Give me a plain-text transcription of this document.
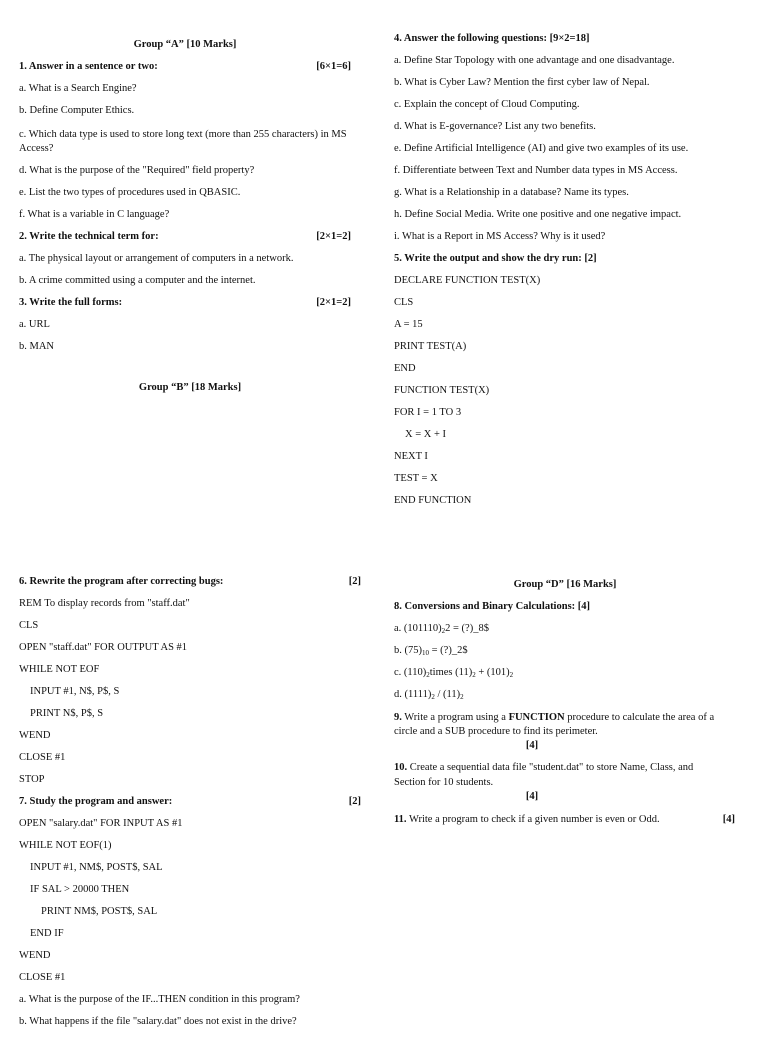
Group “A” [10 Marks]
1. Answer in a sentence or two:	[6×1=6]
a. What is a Search Engine?
b. Define Computer Ethics.
c. Which data type is used to store long text (more than 255 characters) in MS Access?
d. What is the purpose of the "Required" field property?
e. List the two types of procedures used in QBASIC.
f. What is a variable in C language?
2. Write the technical term for:	[2×1=2]
a. The physical layout or arrangement of computers in a network.
b. A crime committed using a computer and the internet.
3. Write the full forms:	[2×1=2]
a. URL
b. MAN
Group “B” [18 Marks]
4. Answer the following questions: [9×2=18]
a. Define Star Topology with one advantage and one disadvantage.
b. What is Cyber Law? Mention the first cyber law of Nepal.
c. Explain the concept of Cloud Computing.
d. What is E-governance? List any two benefits.
e. Define Artificial Intelligence (AI) and give two examples of its use.
f. Differentiate between Text and Number data types in MS Access.
g. What is a Relationship in a database? Name its types.
h. Define Social Media. Write one positive and one negative impact.
i. What is a Report in MS Access? Why is it used?
5. Write the output and show the dry run: [2]
DECLARE FUNCTION TEST(X)
CLS
A = 15
PRINT TEST(A)
END
FUNCTION TEST(X)
FOR I = 1 TO 3
X = X + I
NEXT I
TEST = X
END FUNCTION
6. Rewrite the program after correcting bugs:	[2]
REM To display records from "staff.dat"
CLS
OPEN "staff.dat" FOR OUTPUT AS #1
WHILE NOT EOF
INPUT #1, N$, P$, S
PRINT N$, P$, S
WEND
CLOSE #1
STOP
7. Study the program and answer:	[2]
OPEN "salary.dat" FOR INPUT AS #1
WHILE NOT EOF(1)
INPUT #1, NM$, POST$, SAL
IF SAL > 20000 THEN
PRINT NM$, POST$, SAL
END IF
WEND
CLOSE #1
a. What is the purpose of the IF...THEN condition in this program?
b. What happens if the file "salary.dat" does not exist in the drive?
Group “D” [16 Marks]
8. Conversions and Binary Calculations: [4]
a. $(101110)_22$ = (?)_8$
b. $(75)_{10}$ = (?)_2$
c. $(110)_2times$ $(11)_2 + (101)_2$
d. $(1111)_2 / (11)_2$
9. Write a program using a FUNCTION procedure to calculate the area of a circle and a SUB procedure to find its perimeter.
[4]
10. Create a sequential data file "student.dat" to store Name, Class, and Section for 10 students.
[4]
11. Write a program to check if a given number is even or Odd.	[4]
